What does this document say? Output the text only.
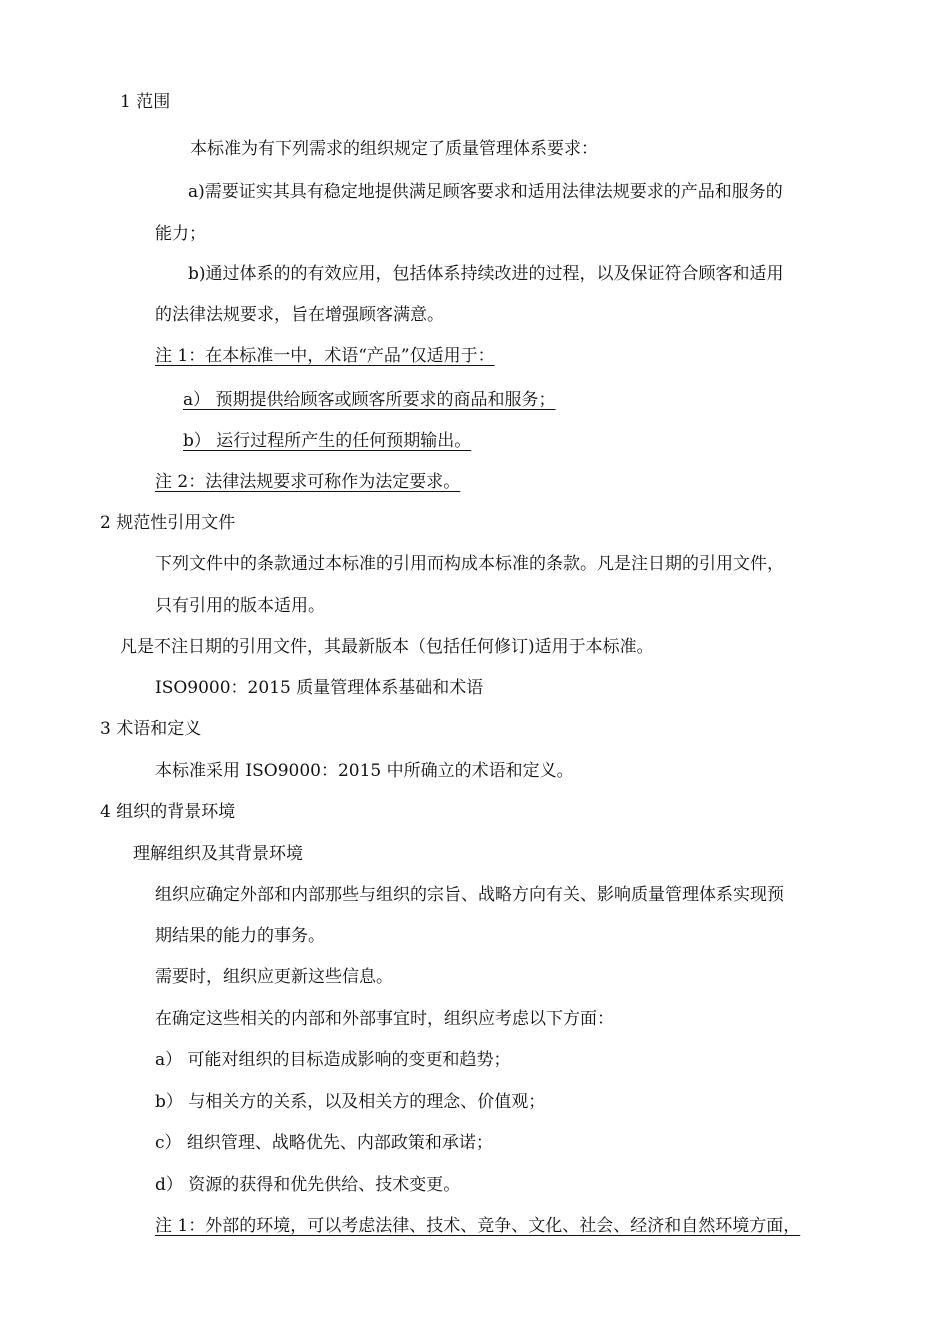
1 范围
本标准为有下列需求的组织规定了质量管理体系要求：
a)需要证实其具有稳定地提供满足顾客要求和适用法律法规要求的产品和服务的
能力；
b)通过体系的的有效应用，包括体系持续改进的过程，以及保证符合顾客和适用
的法律法规要求，旨在增强顾客满意。
注 1：在本标准一中，术语“产品”仅适用于：
a） 预期提供给顾客或顾客所要求的商品和服务；
b） 运行过程所产生的任何预期输出。
注 2：法律法规要求可称作为法定要求。
2 规范性引用文件
下列文件中的条款通过本标准的引用而构成本标准的条款。凡是注日期的引用文件，
只有引用的版本适用。
凡是不注日期的引用文件，其最新版本（包括任何修订)适用于本标准。
ISO9000：2015 质量管理体系基础和术语
3 术语和定义
本标准采用 ISO9000：2015 中所确立的术语和定义。
4 组织的背景环境
理解组织及其背景环境
组织应确定外部和内部那些与组织的宗旨、战略方向有关、影响质量管理体系实现预
期结果的能力的事务。
需要时，组织应更新这些信息。
在确定这些相关的内部和外部事宜时，组织应考虑以下方面：
a） 可能对组织的目标造成影响的变更和趋势；
b） 与相关方的关系，以及相关方的理念、价值观；
c） 组织管理、战略优先、内部政策和承诺；
d） 资源的获得和优先供给、技术变更。
注 1：外部的环境，可以考虑法律、技术、竞争、文化、社会、经济和自然环境方面，
